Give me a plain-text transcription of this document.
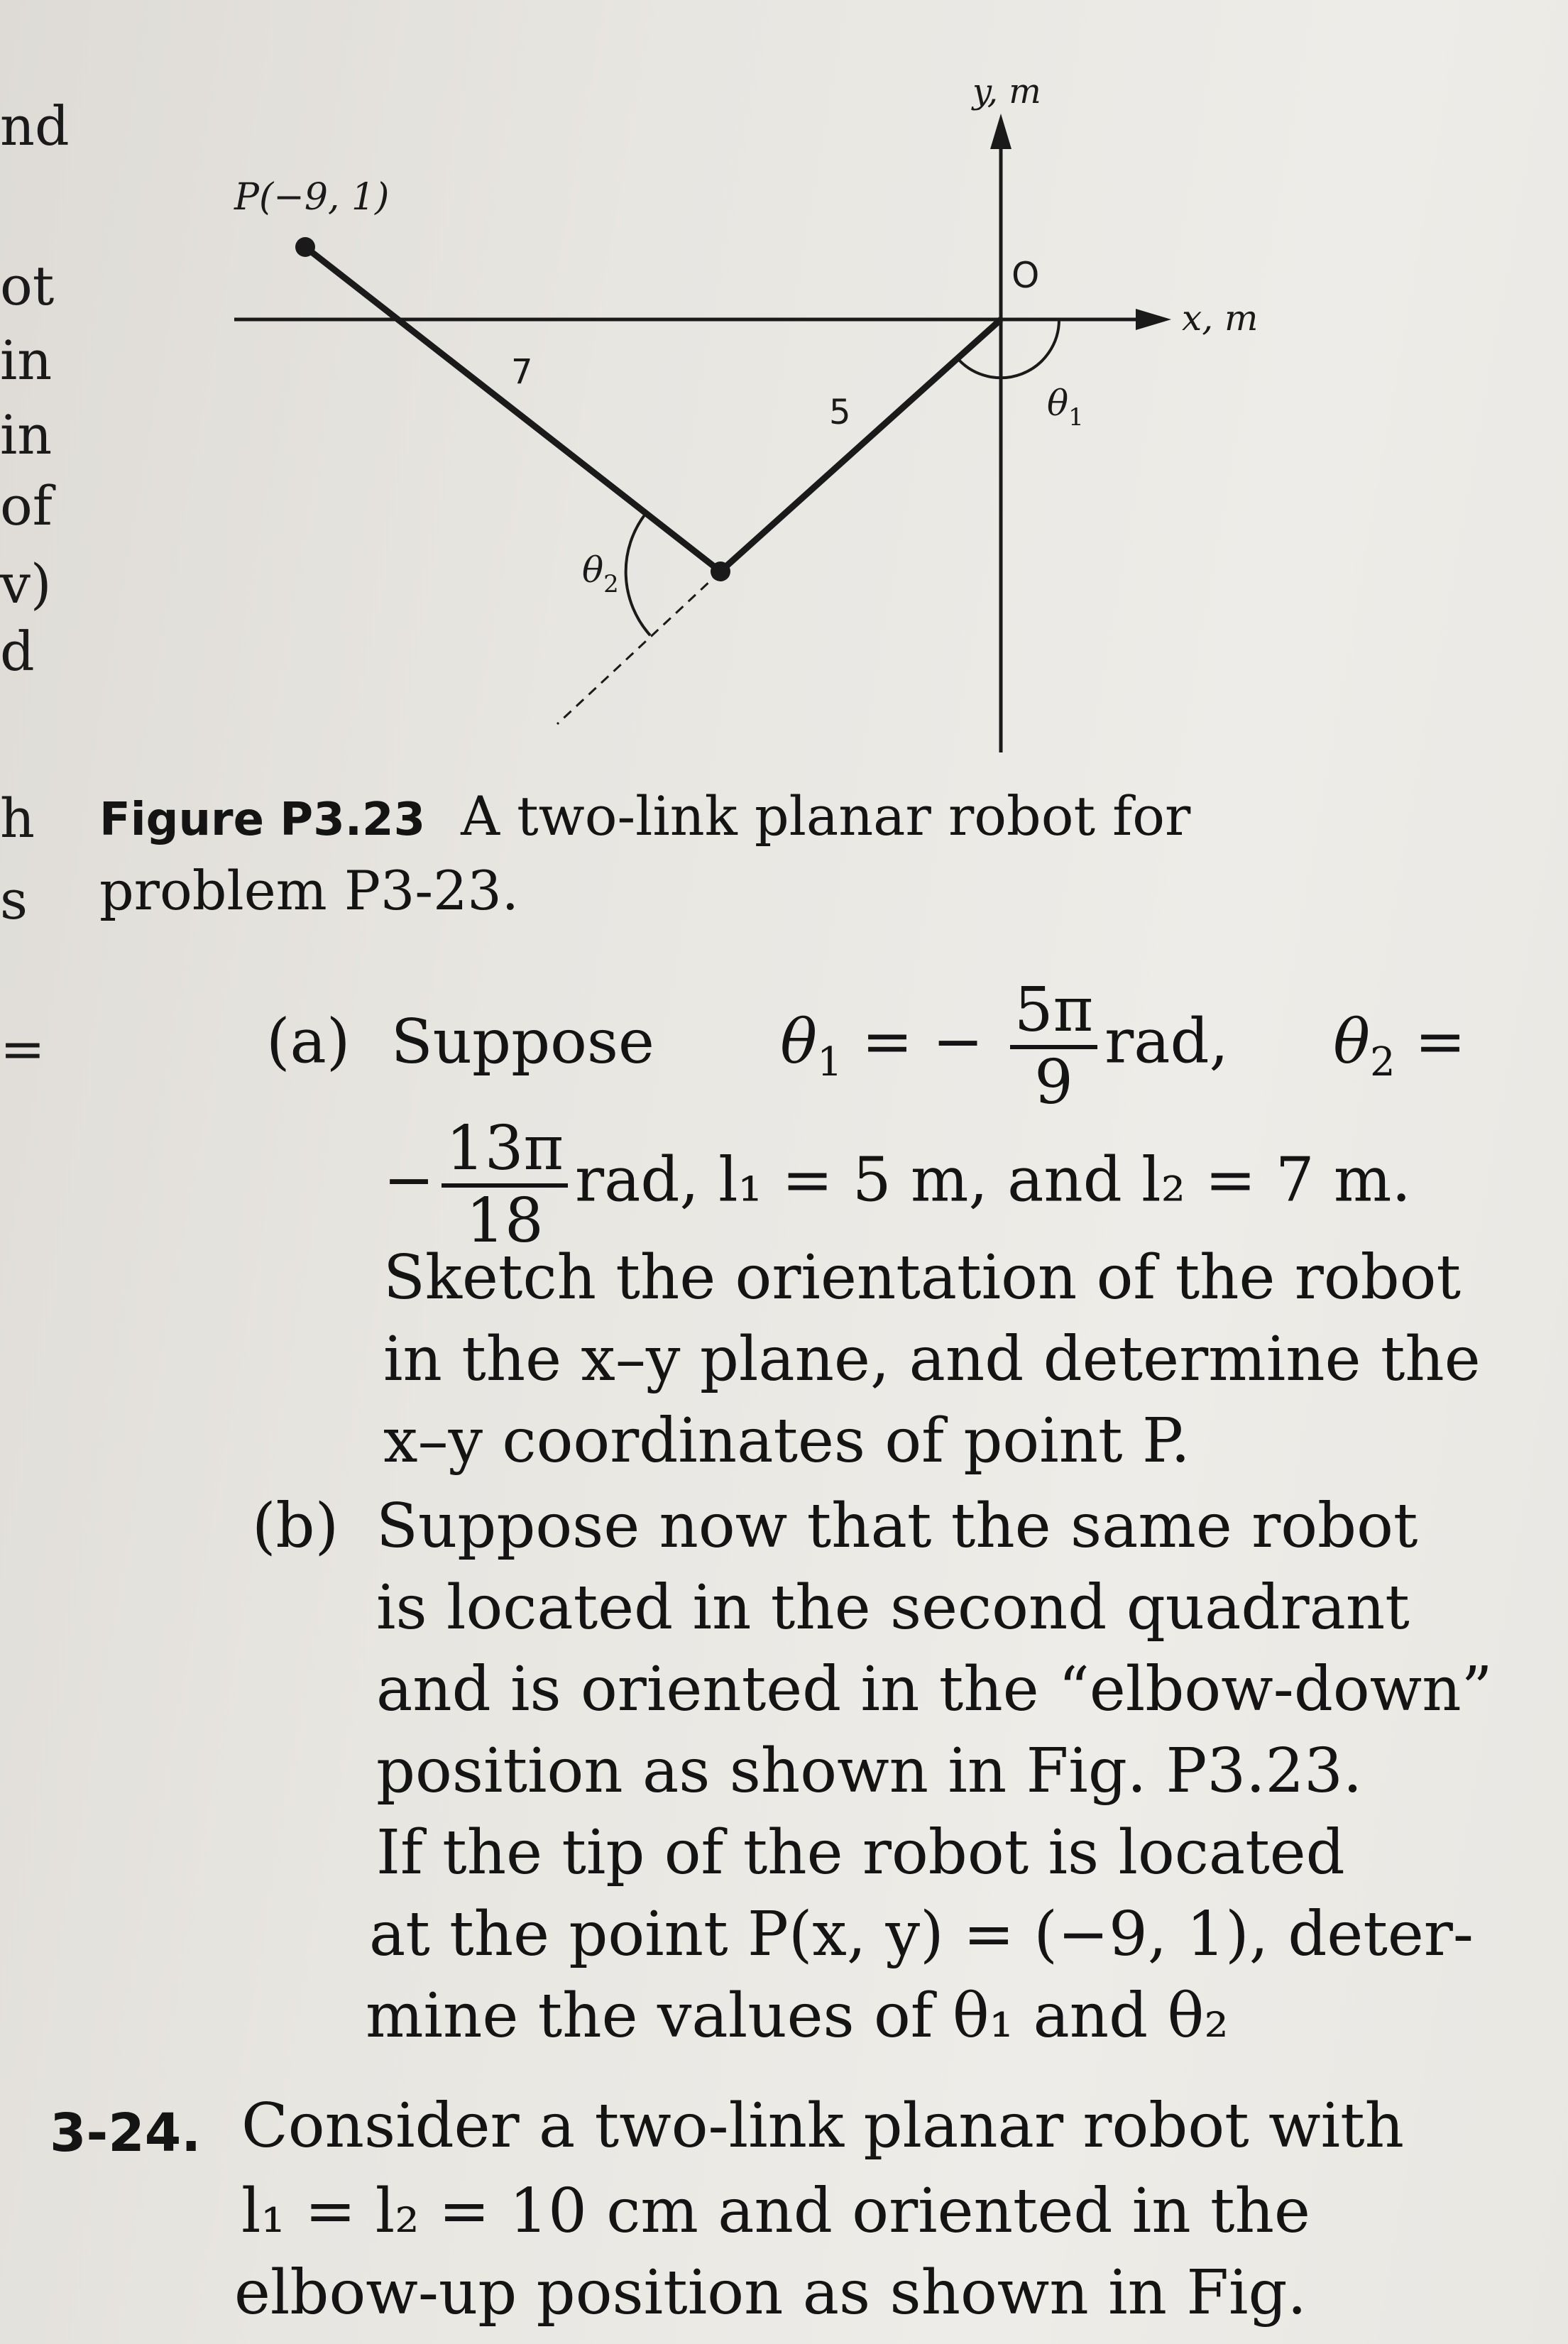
nd
ot
in
in
of
v)
d
h
s
=
y, m
x, m
O
P(−9, 1)
5
7
$\theta_1$
$\theta_2$
Figure P3.23 A two-link planar robot for
problem P3-23.
(a) Suppose $\theta_1$ = − $\frac{5\pi}{9}$ rad, $\theta_2$ =
− $\frac{13\pi}{18}$ rad, l₁ = 5 m, and l₂ = 7 m.
Sketch the orientation of the robot
in the x–y plane, and determine the
x–y coordinates of point P.
(b) Suppose now that the same robot
is located in the second quadrant
and is oriented in the “elbow-down”
position as shown in Fig. P3.23.
If the tip of the robot is located
at the point P(x, y) = (−9, 1), deter-
mine the values of θ₁ and θ₂
3-24. Consider a two-link planar robot with
l₁ = l₂ = 10 cm and oriented in the
elbow-up position as shown in Fig.
